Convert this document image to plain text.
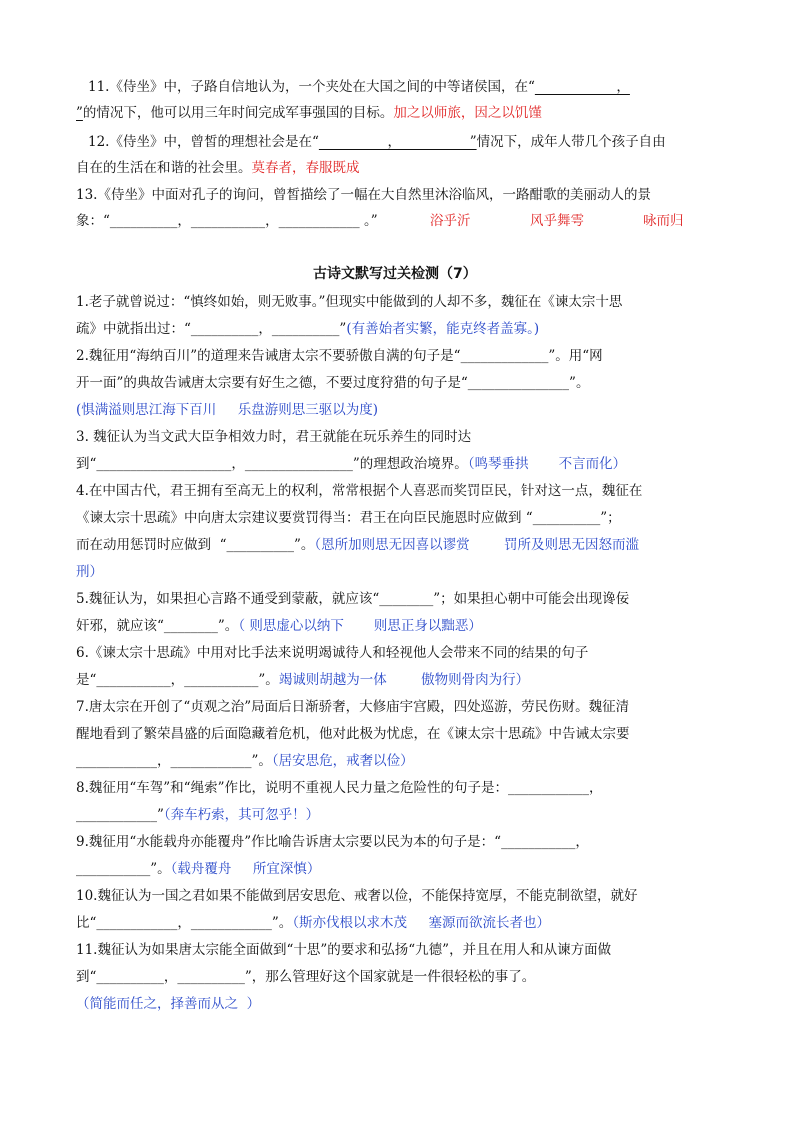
11.《侍坐》中，子路自信地认为，一个夹处在大国之间的中等诸侯国，在“                   ，
”的情况下，他可以用三年时间完成军事强国的目标。加之以师旅，因之以饥馑
12.《侍坐》中，曾皙的理想社会是在“                ，                ”情况下，成年人带几个孩子自由
自在的生活在和谐的社会里。莫春者，春服既成
13.《侍坐》中面对孔子的询问，曾皙描绘了一幅在大自然里沐浴临风，一路酣歌的美丽动人的景
象：“__________，___________，____________ 。”	浴乎沂	风乎舞雩	咏而归
古诗文默写过关检测（7）
1.老子就曾说过：“慎终如始，则无败事。”但现实中能做到的人却不多，魏征在《谏太宗十思
疏》中就指出过：“__________，__________”(有善始者实繁，能克终者盖寡。)
2.魏征用“海纳百川”的道理来告诫唐太宗不要骄傲自满的句子是“_____________”。用“网
开一面”的典故告诫唐太宗要有好生之德，不要过度狩猎的句子是“_______________”。
(惧满溢则思江海下百川     乐盘游则思三驱以为度)
3. 魏征认为当文武大臣争相效力时，君王就能在玩乐养生的同时达
到“____________________，________________”的理想政治境界。（鸣琴垂拱       不言而化）
4.在中国古代，君王拥有至高无上的权利，常常根据个人喜恶而奖罚臣民，针对这一点，魏征在
《谏太宗十思疏》中向唐太宗建议要赏罚得当：君王在向臣民施恩时应做到 “__________”；
而在动用惩罚时应做到  “__________”。（恩所加则思无因喜以谬赏        罚所及则思无因怒而滥
刑）
5.魏征认为，如果担心言路不通受到蒙蔽，就应该“________”；如果担心朝中可能会出现谗佞
奸邪，就应该“________”。（ 则思虚心以纳下       则思正身以黜恶）
6.《谏太宗十思疏》中用对比手法来说明竭诚待人和轻视他人会带来不同的结果的句子
是“___________，___________”。竭诚则胡越为一体        傲物则骨肉为行）
7.唐太宗在开创了“贞观之治”局面后日渐骄奢，大修庙宇宫殿，四处巡游，劳民伤财。魏征清
醒地看到了繁荣昌盛的后面隐藏着危机，他对此极为忧虑，在《谏太宗十思疏》中告诫太宗要
____________，____________”。（居安思危，戒奢以俭）
8.魏征用“车驾”和“绳索”作比，说明不重视人民力量之危险性的句子是：____________，
____________”（奔车朽索，其可忽乎！）
9.魏征用“水能载舟亦能覆舟”作比喻告诉唐太宗要以民为本的句子是：“___________，
___________”。（载舟覆舟     所宜深慎）
10.魏征认为一国之君如果不能做到居安思危、戒奢以俭，不能保持宽厚，不能克制欲望，就好
比“____________，____________”。（斯亦伐根以求木茂     塞源而欲流长者也）
11.魏征认为如果唐太宗能全面做到“十思”的要求和弘扬“九德”，并且在用人和从谏方面做
到“__________，__________”，那么管理好这个国家就是一件很轻松的事了。
（简能而任之，择善而从之  ）
